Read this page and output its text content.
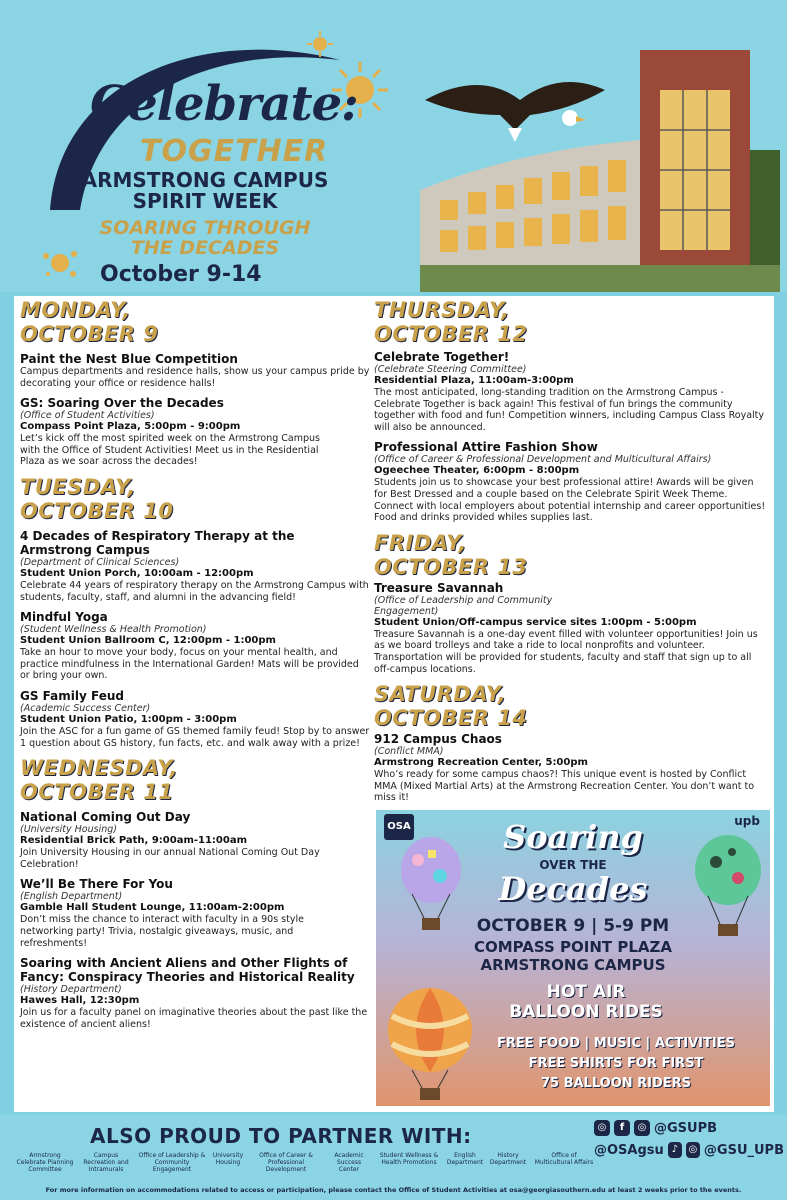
Celebrate:
TOGETHER
ARMSTRONG CAMPUS
SPIRIT WEEK
SOARING THROUGH
THE DECADES
October 9-14
MONDAY,
OCTOBER 9
Paint the Nest Blue Competition
Campus departments and residence halls, show us your campus pride by decorating your office or residence halls!
GS: Soaring Over the Decades
(Office of Student Activities)
Compass Point Plaza, 5:00pm - 9:00pm
Let’s kick off the most spirited week on the Armstrong Campus with the Office of Student Activities! Meet us in the Residential Plaza as we soar across the decades!
TUESDAY,
OCTOBER 10
4 Decades of Respiratory Therapy at the Armstrong Campus
(Department of Clinical Sciences)
Student Union Porch, 10:00am - 12:00pm
Celebrate 44 years of respiratory therapy on the Armstrong Campus with students, faculty, staff, and alumni in the advancing field!
Mindful Yoga
(Student Wellness & Health Promotion)
Student Union Ballroom C, 12:00pm - 1:00pm
Take an hour to move your body, focus on your mental health, and practice mindfulness in the International Garden! Mats will be provided or bring your own.
GS Family Feud
(Academic Success Center)
Student Union Patio, 1:00pm - 3:00pm
Join the ASC for a fun game of GS themed family feud! Stop by to answer 1 question about GS history, fun facts, etc. and walk away with a prize!
WEDNESDAY,
OCTOBER 11
National Coming Out Day
(University Housing)
Residential Brick Path, 9:00am-11:00am
Join University Housing in our annual National Coming Out Day Celebration!
We’ll Be There For You
(English Department)
Gamble Hall Student Lounge, 11:00am-2:00pm
Don’t miss the chance to interact with faculty in a 90s style networking party! Trivia, nostalgic giveaways, music, and refreshments!
Soaring with Ancient Aliens and Other Flights of Fancy: Conspiracy Theories and Historical Reality
(History Department)
Hawes Hall, 12:30pm
Join us for a faculty panel on imaginative theories about the past like the existence of ancient aliens!
THURSDAY,
OCTOBER 12
Celebrate Together!
(Celebrate Steering Committee)
Residential Plaza, 11:00am-3:00pm
The most anticipated, long-standing tradition on the Armstrong Campus - Celebrate Together is back again! This festival of fun brings the community together with food and fun! Competition winners, including Campus Class Royalty will also be announced.
Professional Attire Fashion Show
(Office of Career & Professional Development and Multicultural Affairs)
Ogeechee Theater, 6:00pm - 8:00pm
Students join us to showcase your best professional attire! Awards will be given for Best Dressed and a couple based on the Celebrate Spirit Week Theme. Connect with local employers about potential internship and career opportunities! Food and drinks provided whiles supplies last.
FRIDAY,
OCTOBER 13
Treasure Savannah
(Office of Leadership and Community Engagement)
Student Union/Off-campus service sites 1:00pm - 5:00pm
Treasure Savannah is a one-day event filled with volunteer opportunities! Join us as we board trolleys and take a ride to local nonprofits and volunteer. Transportation will be provided for students, faculty and staff that sign up to all off-campus locations.
SATURDAY,
OCTOBER 14
912 Campus Chaos
(Conflict MMA)
Armstrong Recreation Center, 5:00pm
Who’s ready for some campus chaos?! This unique event is hosted by Conflict MMA (Mixed Martial Arts) at the Armstrong Recreation Center. You don’t want to miss it!
OSA	upb
Soaring
OVER THE
Decades
OCTOBER 9 | 5-9 PM
COMPASS POINT PLAZA
ARMSTRONG CAMPUS
HOT AIR
BALLOON RIDES
FREE FOOD | MUSIC | ACTIVITIES
FREE SHIRTS FOR FIRST
75 BALLOON RIDERS
ALSO PROUD TO PARTNER WITH:
Armstrong Celebrate Planning Committee
Campus Recreation and Intramurals
Office of Leadership & Community Engagement
University Housing
Office of Career & Professional Development
Academic Success Center
Student Wellness & Health Promotions
English Department
History Department
Office of Multicultural Affairs
◎	f	◎ @GSUPB
@OSAgsu ♪	◎ @GSU_UPB
For more information on accommodations related to access or participation, please contact the Office of Student Activities at osa@georgiasouthern.edu at least 2 weeks prior to the events.
